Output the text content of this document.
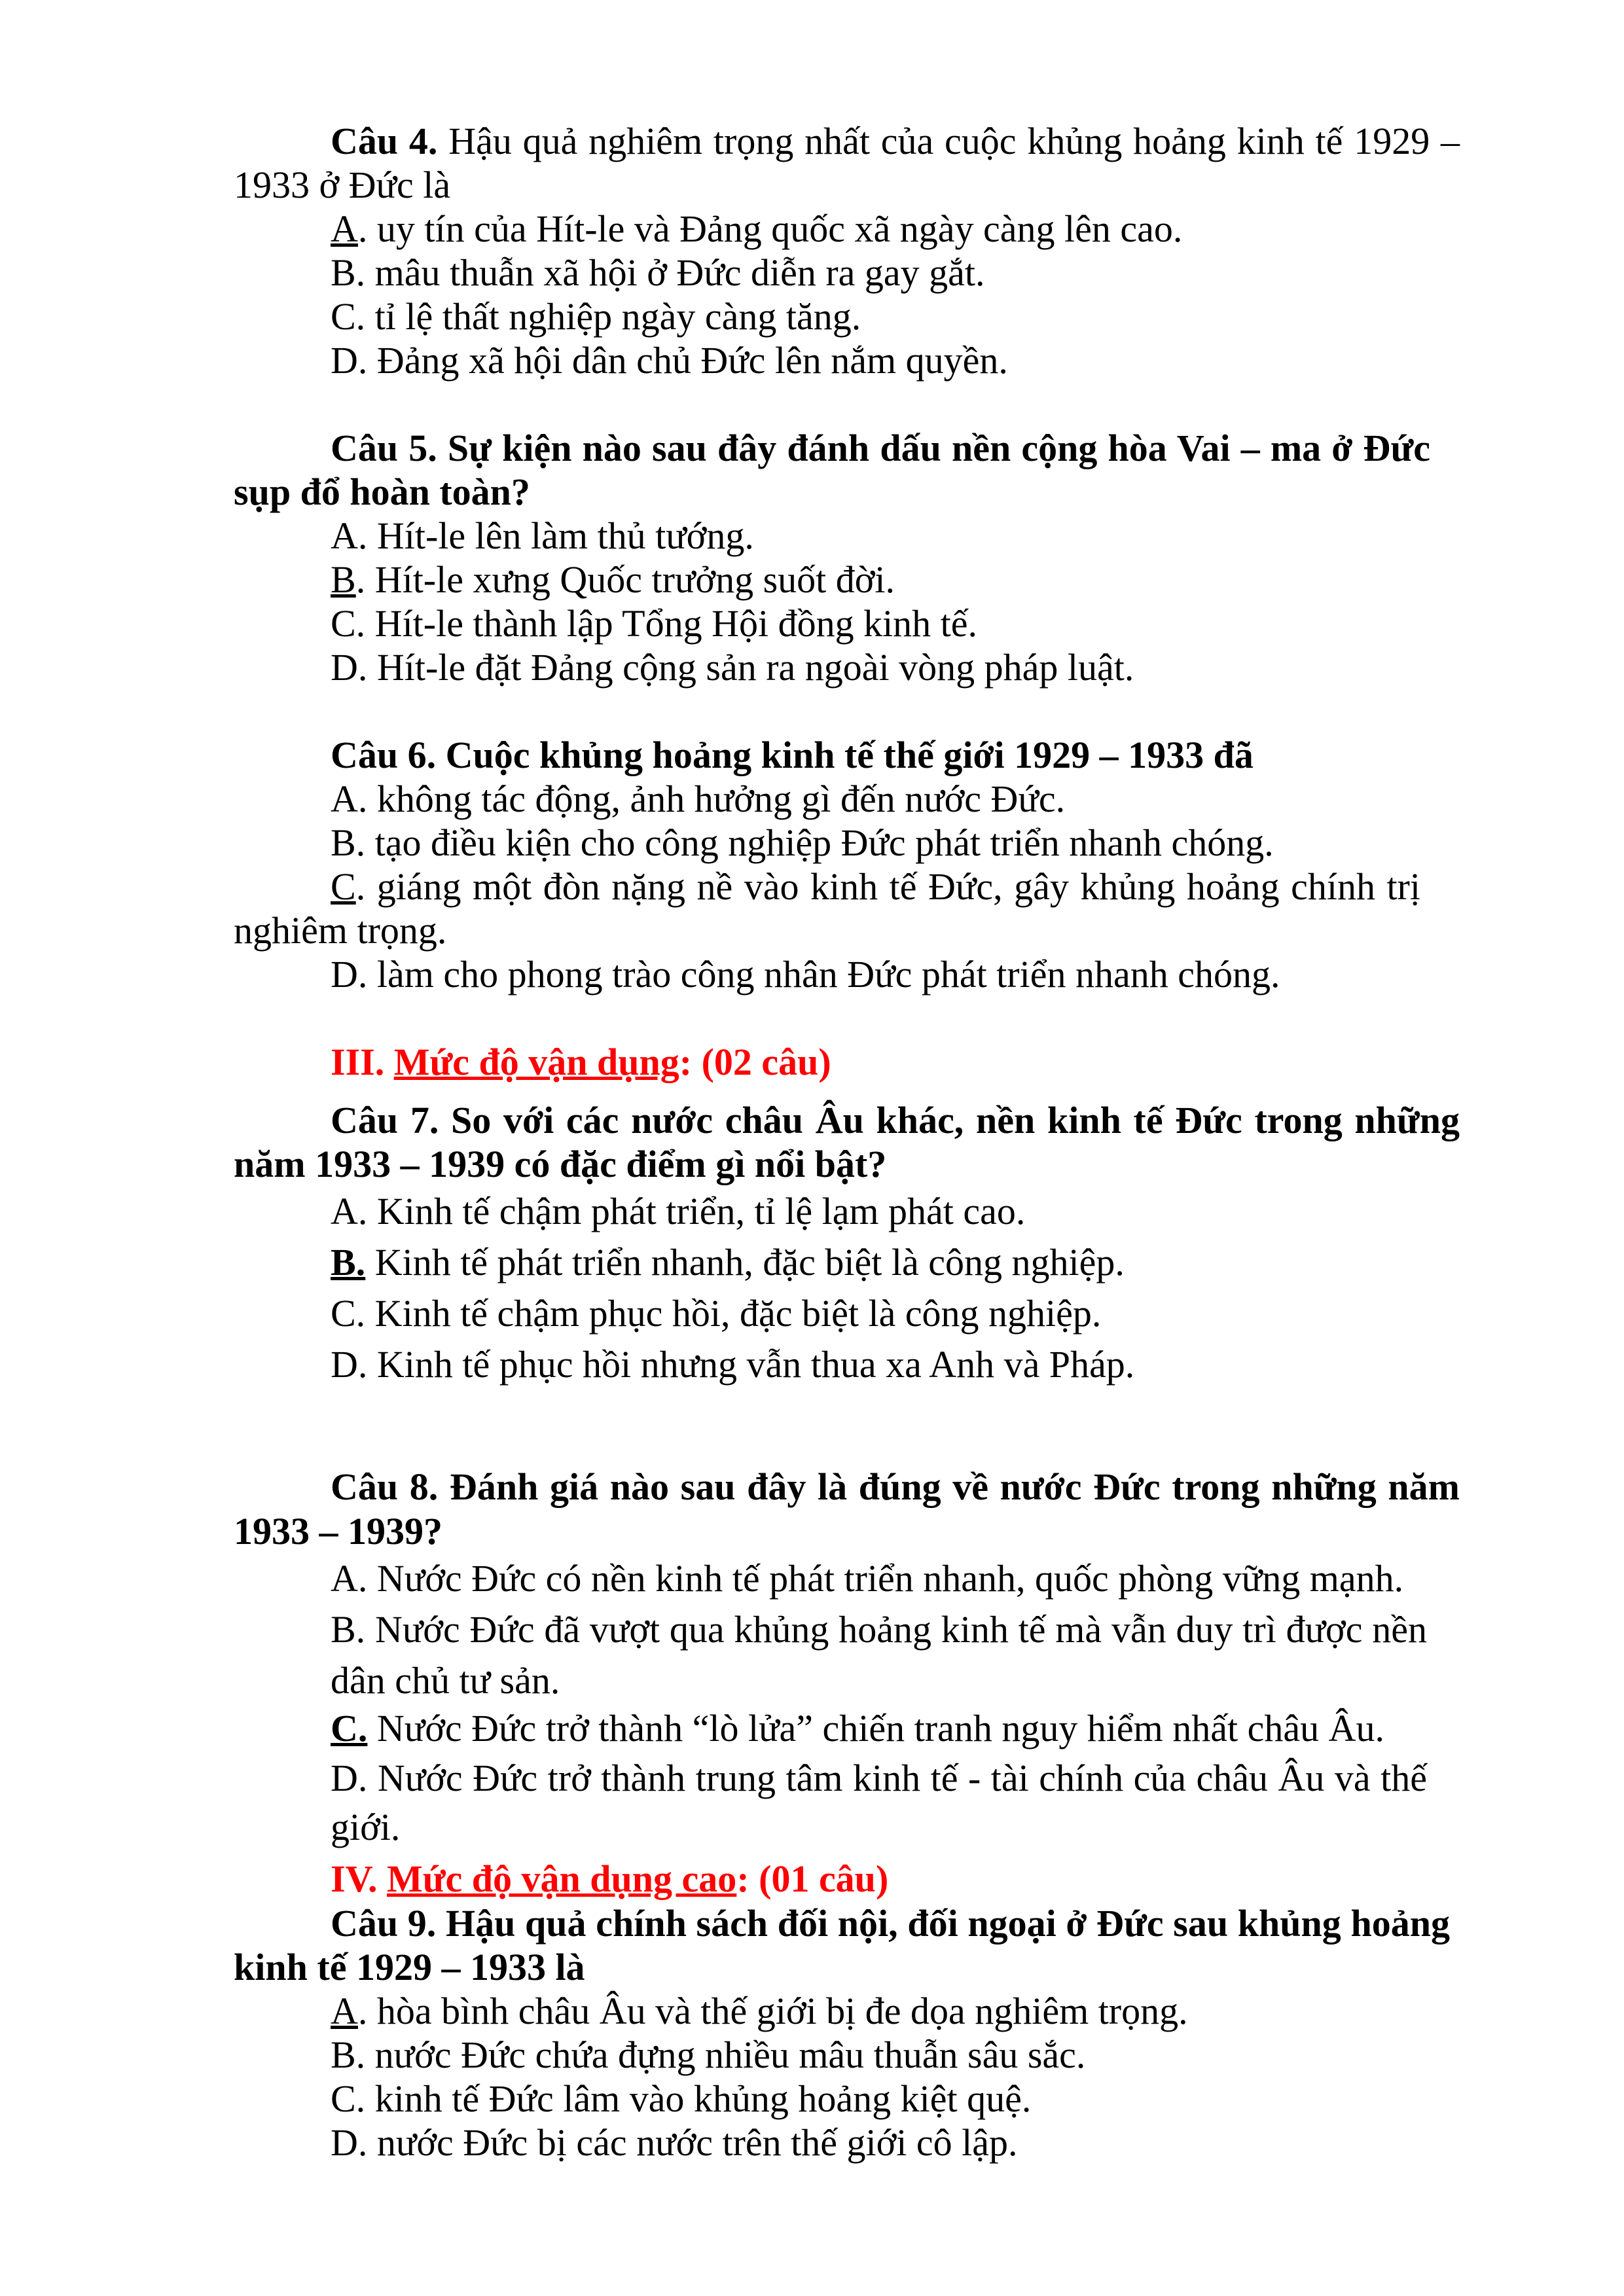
Câu 4. Hậu quả nghiêm trọng nhất của cuộc khủng hoảng kinh tế 1929 –
1933 ở Đức là
A. uy tín của Hít-le và Đảng quốc xã ngày càng lên cao.
B. mâu thuẫn xã hội ở Đức diễn ra gay gắt.
C. tỉ lệ thất nghiệp ngày càng tăng.
D. Đảng xã hội dân chủ Đức lên nắm quyền.
Câu 5. Sự kiện nào sau đây đánh dấu nền cộng hòa Vai – ma ở Đức
sụp đổ hoàn toàn?
A. Hít-le lên làm thủ tướng.
B. Hít-le xưng Quốc trưởng suốt đời.
C. Hít-le thành lập Tổng Hội đồng kinh tế.
D. Hít-le đặt Đảng cộng sản ra ngoài vòng pháp luật.
Câu 6. Cuộc khủng hoảng kinh tế thế giới 1929 – 1933 đã
A. không tác động, ảnh hưởng gì đến nước Đức.
B. tạo điều kiện cho công nghiệp Đức phát triển nhanh chóng.
C. giáng một đòn nặng nề vào kinh tế Đức, gây khủng hoảng chính trị
nghiêm trọng.
D. làm cho phong trào công nhân Đức phát triển nhanh chóng.
III. Mức độ vận dụng: (02 câu)
Câu 7. So với các nước châu Âu khác, nền kinh tế Đức trong những
năm 1933 – 1939 có đặc điểm gì nổi bật?
A. Kinh tế chậm phát triển, tỉ lệ lạm phát cao.
B. Kinh tế phát triển nhanh, đặc biệt là công nghiệp.
C. Kinh tế chậm phục hồi, đặc biệt là công nghiệp.
D. Kinh tế phục hồi nhưng vẫn thua xa Anh và Pháp.
Câu 8. Đánh giá nào sau đây là đúng về nước Đức trong những năm
1933 – 1939?
A. Nước Đức có nền kinh tế phát triển nhanh, quốc phòng vững mạnh.
B. Nước Đức đã vượt qua khủng hoảng kinh tế mà vẫn duy trì được nền
dân chủ tư sản.
C. Nước Đức trở thành “lò lửa” chiến tranh nguy hiểm nhất châu Âu.
D. Nước Đức trở thành trung tâm kinh tế - tài chính của châu Âu và thế
giới.
IV. Mức độ vận dụng cao: (01 câu)
Câu 9. Hậu quả chính sách đối nội, đối ngoại ở Đức sau khủng hoảng
kinh tế 1929 – 1933 là
A. hòa bình châu Âu và thế giới bị đe dọa nghiêm trọng.
B. nước Đức chứa đựng nhiều mâu thuẫn sâu sắc.
C. kinh tế Đức lâm vào khủng hoảng kiệt quệ.
D. nước Đức bị các nước trên thế giới cô lập.
